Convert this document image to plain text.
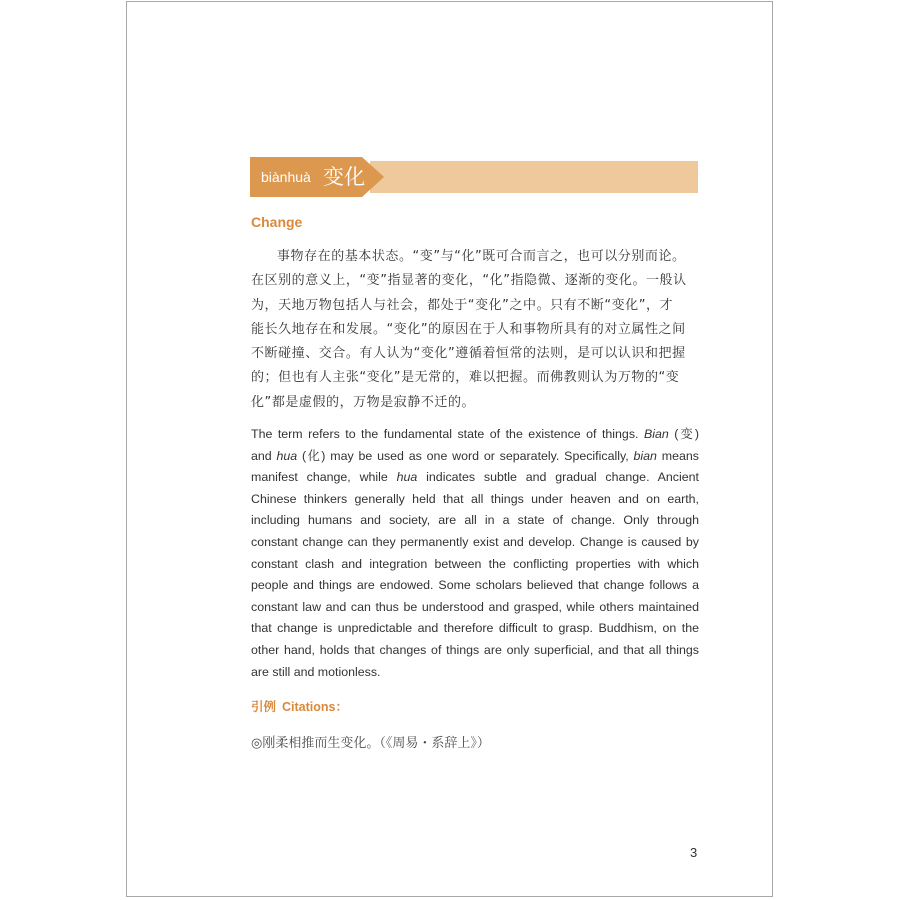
biànhuà 变化
Change
事物存在的基本状态。“变”与“化”既可合而言之，也可以分别而论。
在区别的意义上，“变”指显著的变化，“化”指隐微、逐渐的变化。一般认
为，天地万物包括人与社会，都处于“变化”之中。只有不断“变化”，才
能长久地存在和发展。“变化”的原因在于人和事物所具有的对立属性之间
不断碰撞、交合。有人认为“变化”遵循着恒常的法则，是可以认识和把握
的；但也有人主张“变化”是无常的，难以把握。而佛教则认为万物的“变
化”都是虚假的，万物是寂静不迁的。
The term refers to the fundamental state of the existence of things. Bian (变)
and hua (化) may be used as one word or separately. Specifically, bian means
manifest change, while hua indicates subtle and gradual change. Ancient
Chinese thinkers generally held that all things under heaven and on earth,
including humans and society, are all in a state of change. Only through
constant change can they permanently exist and develop. Change is caused by
constant clash and integration between the conflicting properties with which
people and things are endowed. Some scholars believed that change follows a
constant law and can thus be understood and grasped, while others maintained
that change is unpredictable and therefore difficult to grasp. Buddhism, on the
other hand, holds that changes of things are only superficial, and that all things
are still and motionless.
引例 Citations：
◎刚柔相推而生变化。（《周易・系辞上》）
3
